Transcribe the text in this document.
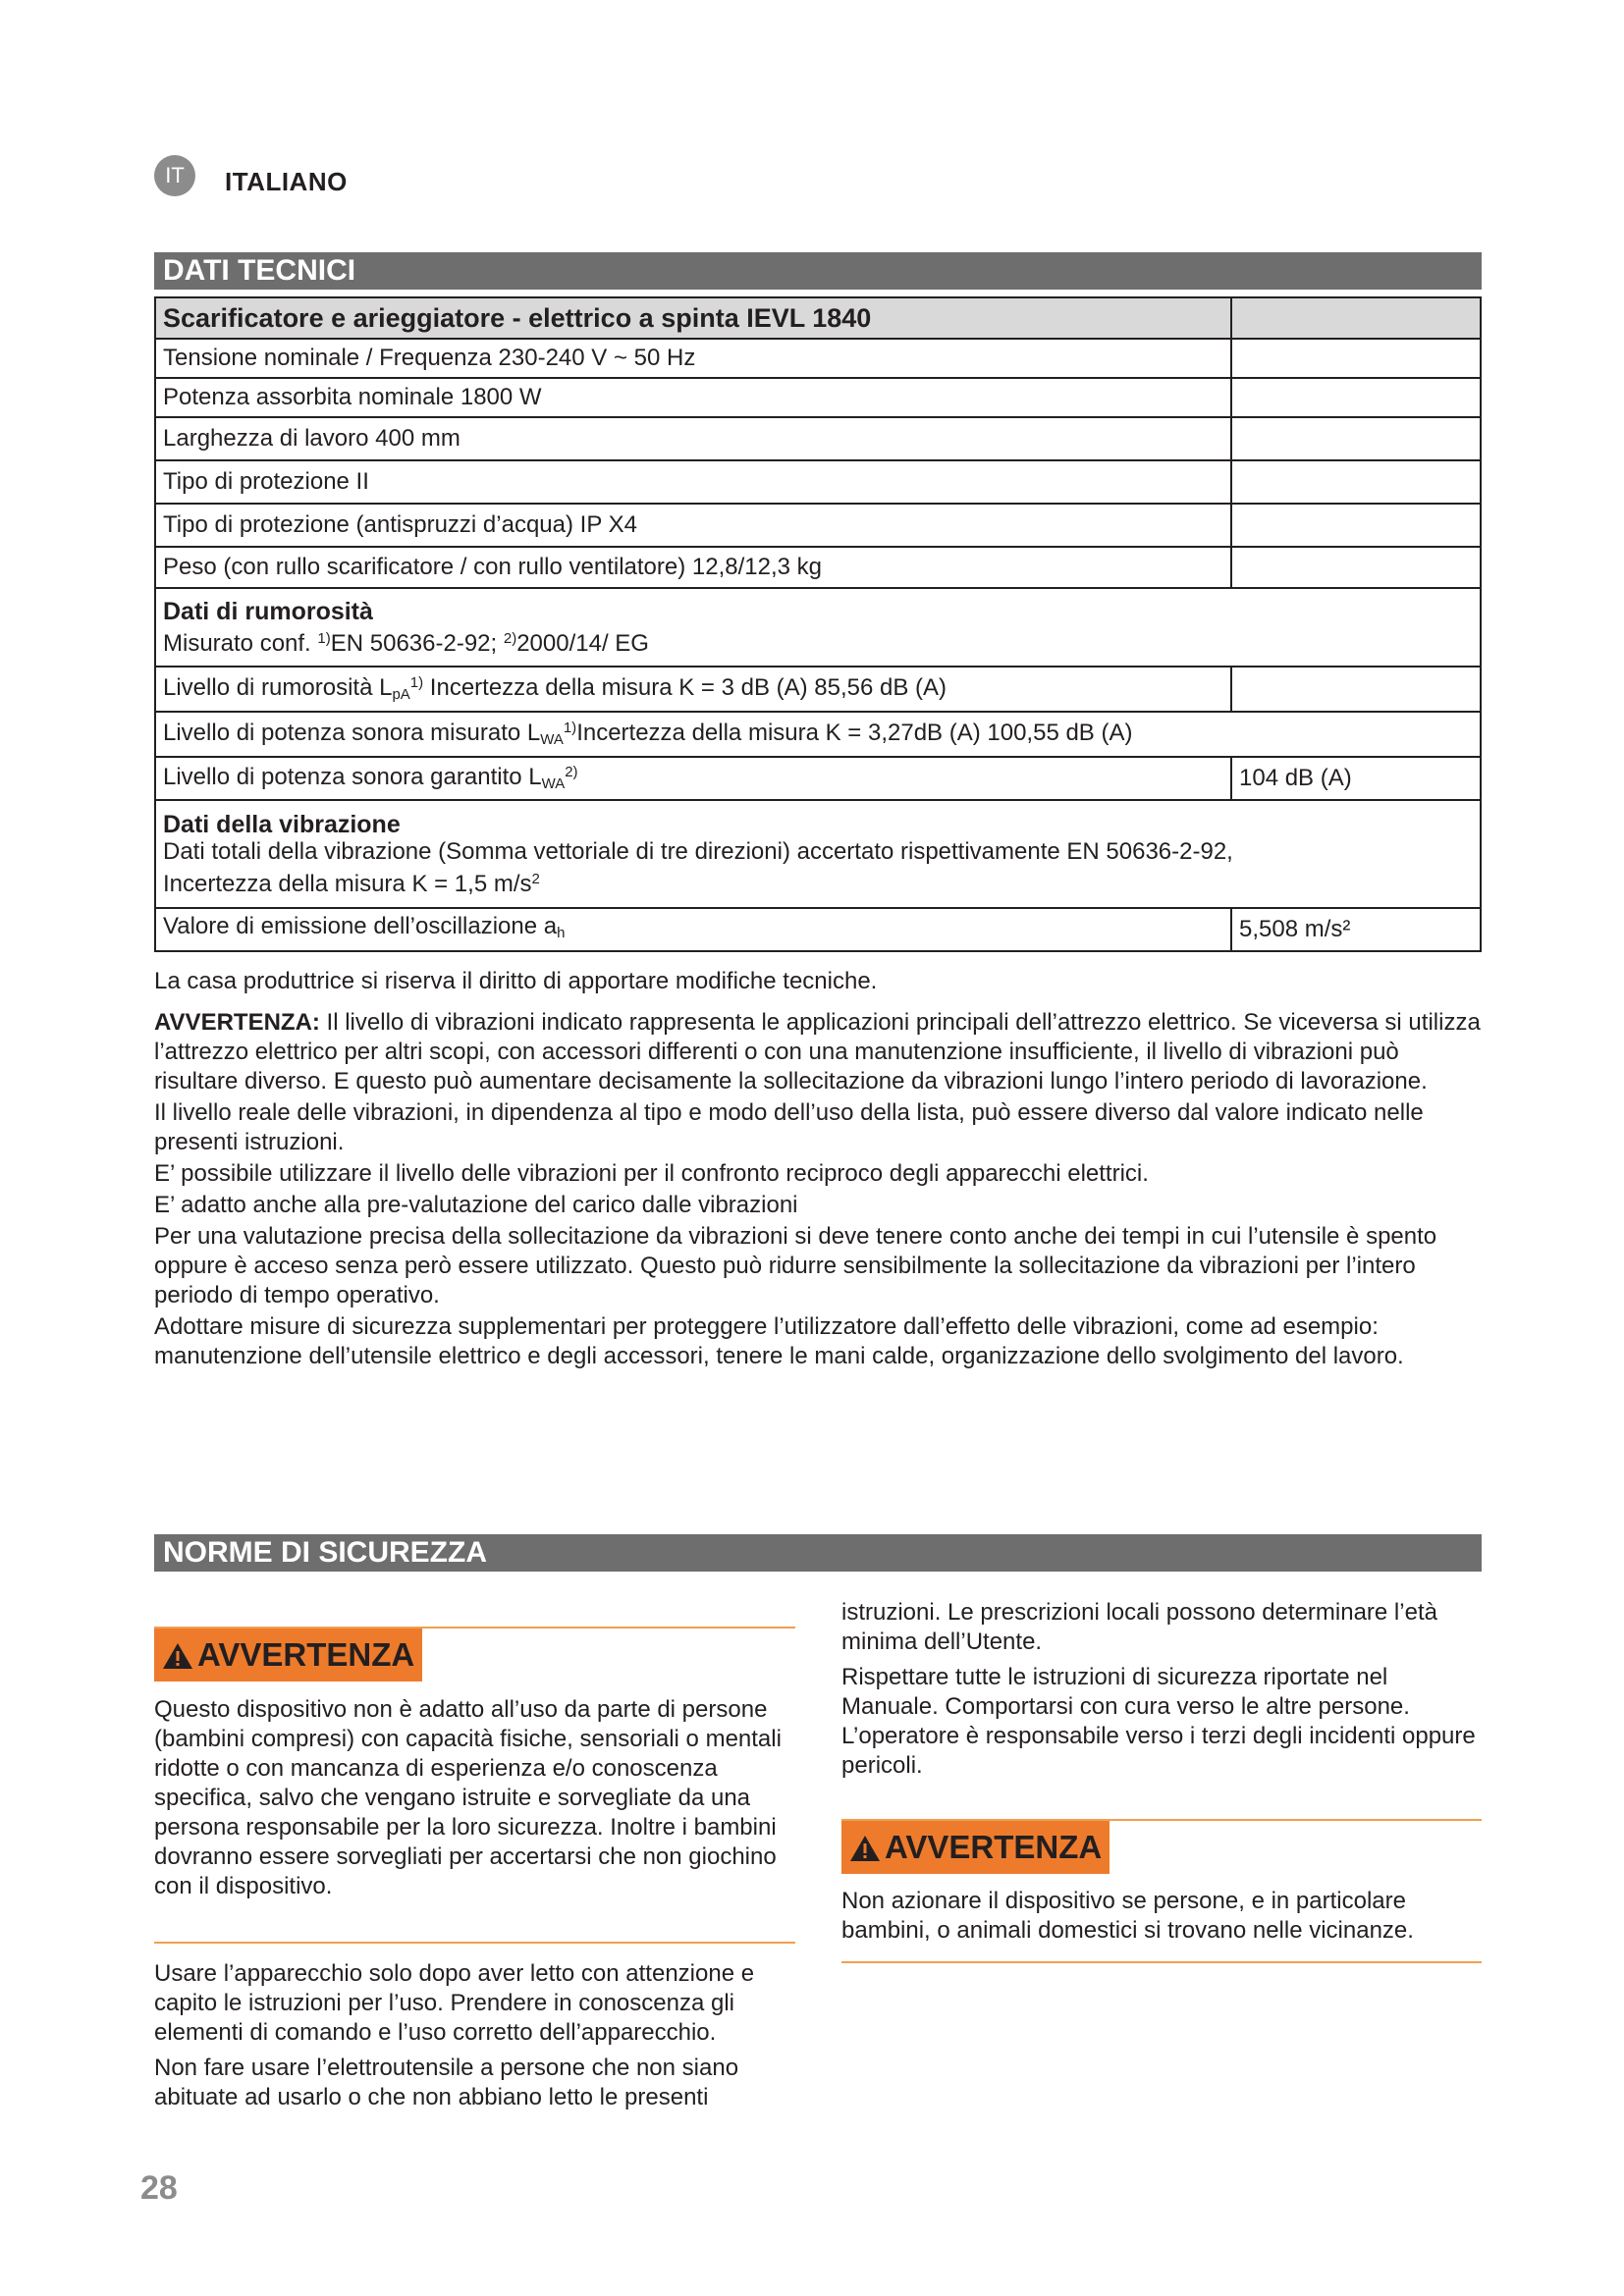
IT	ITALIANO
DATI TECNICI
Scarificatore e arieggiatore - elettrico a spinta IEVL 1840	
Tensione nominale / Frequenza 230-240 V ~ 50 Hz	
Potenza assorbita nominale 1800 W	
Larghezza di lavoro 400 mm	
Tipo di protezione II	
Tipo di protezione (antispruzzi d’acqua) IP X4	
Peso (con rullo scarificatore / con rullo ventilatore) 12,8/12,3 kg	

Dati di rumorosità
Misurato conf. $^{1)}$EN 50636-2-92; $^{2)}$2000/14/ EG	

Livello di rumorosità $L_{pA}^{1)}$ Incertezza della misura K = 3 dB (A) 85,56 dB (A)	
Livello di potenza sonora misurato $L_{WA}^{1)}Incertezza$ della misura K = 3,27dB (A) 100,55 dB (A)	
Livello di potenza sonora garantito $L_{WA}^{2)}$	104 dB (A)

Dati della vibrazione
Dati totali della vibrazione (Somma vettoriale di tre direzioni) accertato rispettivamente EN 50636-2-92,
Incertezza della misura K = 1,5 $m/s^2$

Valore di emissione dell’oscillazione $a_h$	5,508 m/s²

La casa produttrice si riserva il diritto di apportare modifiche tecniche.

AVVERTENZA: Il livello di vibrazioni indicato rappresenta le applicazioni principali dell’attrezzo elettrico. Se viceversa si utilizza l’attrezzo elettrico per altri scopi, con accessori differenti o con una manutenzione insufficiente, il livello di vibrazioni può risultare diverso. E questo può aumentare decisamente la sollecitazione da vibrazioni lungo l’intero periodo di lavorazione.

Il livello reale delle vibrazioni, in dipendenza al tipo e modo dell’uso della lista, può essere diverso dal valore indicato nelle presenti istruzioni.

E’ possibile utilizzare il livello delle vibrazioni per il confronto reciproco degli apparecchi elettrici.

E’ adatto anche alla pre-valutazione del carico dalle vibrazioni

Per una valutazione precisa della sollecitazione da vibrazioni si deve tenere conto anche dei tempi in cui l’utensile è spento oppure è acceso senza però essere utilizzato. Questo può ridurre sensibilmente la sollecitazione da vibrazioni per l’intero periodo di tempo operativo.

Adottare misure di sicurezza supplementari per proteggere l’utilizzatore dall’effetto delle vibrazioni, come ad esempio: manutenzione dell’utensile elettrico e degli accessori, tenere le mani calde, organizzazione dello svolgimento del lavoro.

NORME DI SICUREZZA
AVVERTENZA
Questo dispositivo non è adatto all’uso da parte di persone (bambini compresi) con capacità fisiche, sensoriali o mentali ridotte o con mancanza di esperienza e/o conoscenza specifica, salvo che vengano istruite e sorvegliate da una persona responsabile per la loro sicurezza. Inoltre i bambini dovranno essere sorvegliati per accertarsi che non giochino con il dispositivo.

Usare l’apparecchio solo dopo aver letto con attenzione e capito le istruzioni per l’uso. Prendere in conoscenza gli elementi di comando e l’uso corretto dell’apparecchio.

Non fare usare l’elettroutensile a persone che non siano abituate ad usarlo o che non abbiano letto le presenti

istruzioni. Le prescrizioni locali possono determinare l’età minima dell’Utente.

Rispettare tutte le istruzioni di sicurezza riportate nel Manuale. Comportarsi con cura verso le altre persone. L’operatore è responsabile verso i terzi degli incidenti oppure pericoli.

AVVERTENZA
Non azionare il dispositivo se persone, e in particolare bambini, o animali domestici si trovano nelle vicinanze.
28
